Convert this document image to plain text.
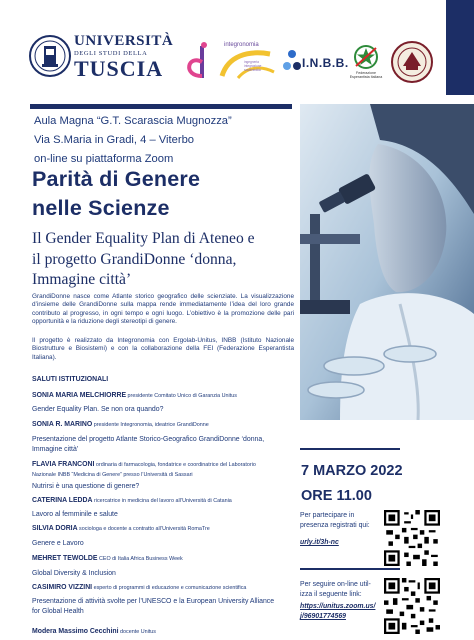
UNIVERSITÀ
DEGLI STUDI DELLA
TUSCIA
integronomia
ingegneria integrazione sostenibilità	I.N.B.B.
Federazione Esperantista Italiana
Aula Magna “G.T. Scarascia Mugnozza”
Via S.Maria in Gradi, 4 – Viterbo
on-line su piattaforma Zoom
Parità di Genere
nelle Scienze
Il Gender Equality Plan di Ateneo e
il progetto GrandiDonne ‘donna,
Immagine città’
GrandiDonne nasce come Atlante storico geografico delle scienziate. La visualizzazione d’insieme delle GrandiDonne sulla mappa rende immediatamente l’idea del loro grande contributo al progresso, in ogni tempo e ogni luogo. L’obiettivo è la promozione delle pari opportunità e la riduzione degli stereotipi di genere.
Il progetto è realizzato da Integronomia con Ergolab-Unitus, INBB (Istituto Nazionale Biostrutture e Biosistemi) e con la collaborazione della FEI (Federazione Esperantista Italiana).
SALUTI ISTITUZIONALI
SONIA MARIA MELCHIORRE presidente Comitato Unico di Garanzia Unitus
Gender Equality Plan. Se non ora quando?
SONIA R. MARINO presidente Integronomia, ideatrice GrandiDonne
Presentazione del progetto Atlante Storico-Geografico GrandiDonne ‘donna,
Immagine città’
FLAVIA FRANCONI ordinaria di farmacologia, fondatrice e coordinatrice del Laboratorio
Nazionale INBB “Medicina di Genere” presso l’Università di Sassari
Nutrirsi è una questione di genere?
CATERINA LEDDA ricercatrice in medicina del lavoro all’Università di Catania
Lavoro al femminile e salute
SILVIA DORIA sociologa e docente a contratto all’Università RomaTre
Genere e Lavoro
MEHRET TEWOLDE CEO di Italia Africa Business Week
Global Diversity & Inclusion
CASIMIRO VIZZINI esperto di programmi di educazione e comunicazione scientifica
Presentazione di attività svolte per l’UNESCO e la European University Alliance
for Global Health
Modera Massimo Cecchini docente Unitus
7 MARZO 2022
ORE 11.00
Per partecipare in
presenza registrati qui:
urly.it/3h-nc
Per seguire on-line util-
izza il seguente link:
https://unitus.zoom.us/
j/96901774569
